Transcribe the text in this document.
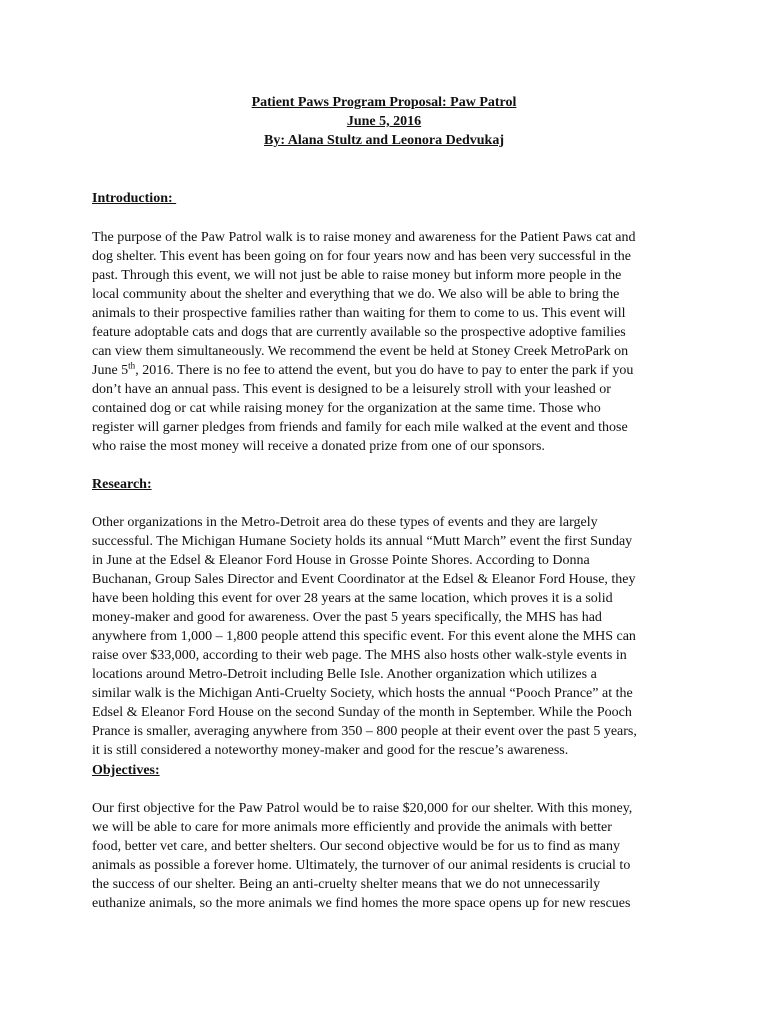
Patient Paws Program Proposal: Paw Patrol
June 5, 2016
By: Alana Stultz and Leonora Dedvukaj
Introduction:
The purpose of the Paw Patrol walk is to raise money and awareness for the Patient Paws cat and
dog shelter. This event has been going on for four years now and has been very successful in the
past. Through this event, we will not just be able to raise money but inform more people in the
local community about the shelter and everything that we do. We also will be able to bring the
animals to their prospective families rather than waiting for them to come to us. This event will
feature adoptable cats and dogs that are currently available so the prospective adoptive families
can view them simultaneously. We recommend the event be held at Stoney Creek MetroPark on
June 5th, 2016. There is no fee to attend the event, but you do have to pay to enter the park if you
don’t have an annual pass. This event is designed to be a leisurely stroll with your leashed or
contained dog or cat while raising money for the organization at the same time. Those who
register will garner pledges from friends and family for each mile walked at the event and those
who raise the most money will receive a donated prize from one of our sponsors.
Research:
Other organizations in the Metro-Detroit area do these types of events and they are largely
successful. The Michigan Humane Society holds its annual “Mutt March” event the first Sunday
in June at the Edsel & Eleanor Ford House in Grosse Pointe Shores. According to Donna
Buchanan, Group Sales Director and Event Coordinator at the Edsel & Eleanor Ford House, they
have been holding this event for over 28 years at the same location, which proves it is a solid
money-maker and good for awareness. Over the past 5 years specifically, the MHS has had
anywhere from 1,000 – 1,800 people attend this specific event. For this event alone the MHS can
raise over $33,000, according to their web page. The MHS also hosts other walk-style events in
locations around Metro-Detroit including Belle Isle. Another organization which utilizes a
similar walk is the Michigan Anti-Cruelty Society, which hosts the annual “Pooch Prance” at the
Edsel & Eleanor Ford House on the second Sunday of the month in September. While the Pooch
Prance is smaller, averaging anywhere from 350 – 800 people at their event over the past 5 years,
it is still considered a noteworthy money-maker and good for the rescue’s awareness.
Objectives:
Our first objective for the Paw Patrol would be to raise $20,000 for our shelter. With this money,
we will be able to care for more animals more efficiently and provide the animals with better
food, better vet care, and better shelters. Our second objective would be for us to find as many
animals as possible a forever home. Ultimately, the turnover of our animal residents is crucial to
the success of our shelter. Being an anti-cruelty shelter means that we do not unnecessarily
euthanize animals, so the more animals we find homes the more space opens up for new rescues
